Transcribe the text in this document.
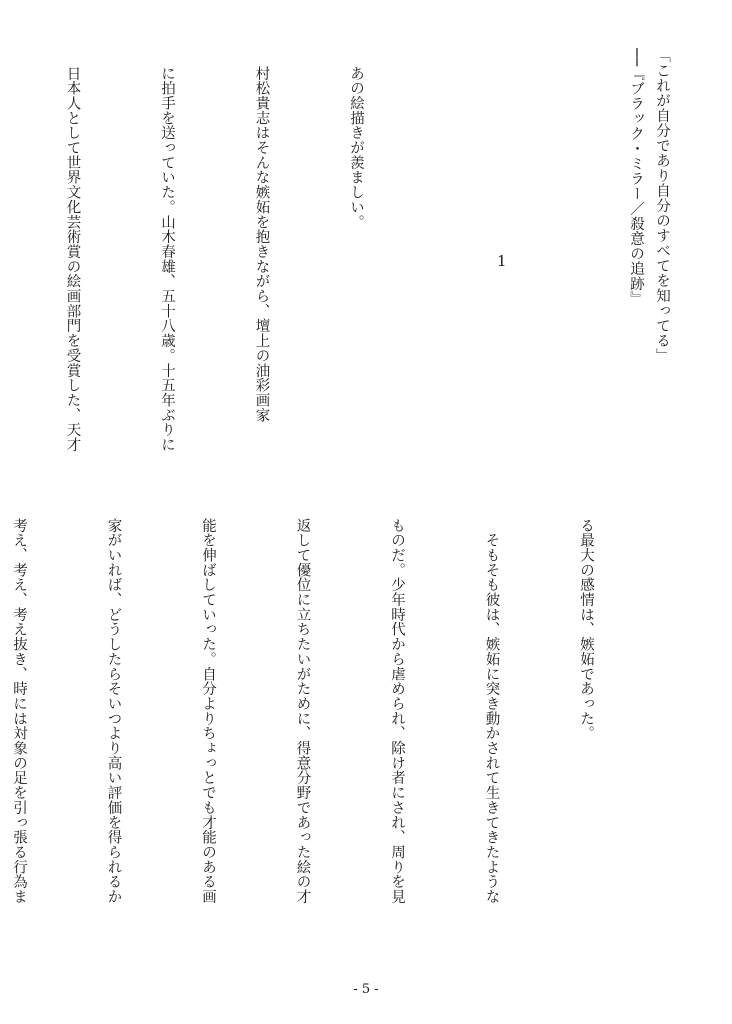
「これが自分であり自分のすべてを知ってる」
──『ブラック・ミラー／殺意の追跡』
1

あの絵描きが羨ましい。

村松貴志はそんな嫉妬を抱きながら、壇上の油彩画家

に拍手を送っていた。山木春雄、五十八歳。十五年ぶりに

日本人として世界文化芸術賞の絵画部門を受賞した、天才

る最大の感情は、嫉妬であった。

　そもそも彼は、嫉妬に突き動かされて生きてきたような

ものだ。少年時代から虐められ、除け者にされ、周りを見

返して優位に立ちたいがために、得意分野であった絵の才

能を伸ばしていった。自分よりちょっとでも才能のある画

家がいれば、どうしたらそいつより高い評価を得られるか

考え、考え、考え抜き、時には対象の足を引っ張る行為ま

- 5 -
